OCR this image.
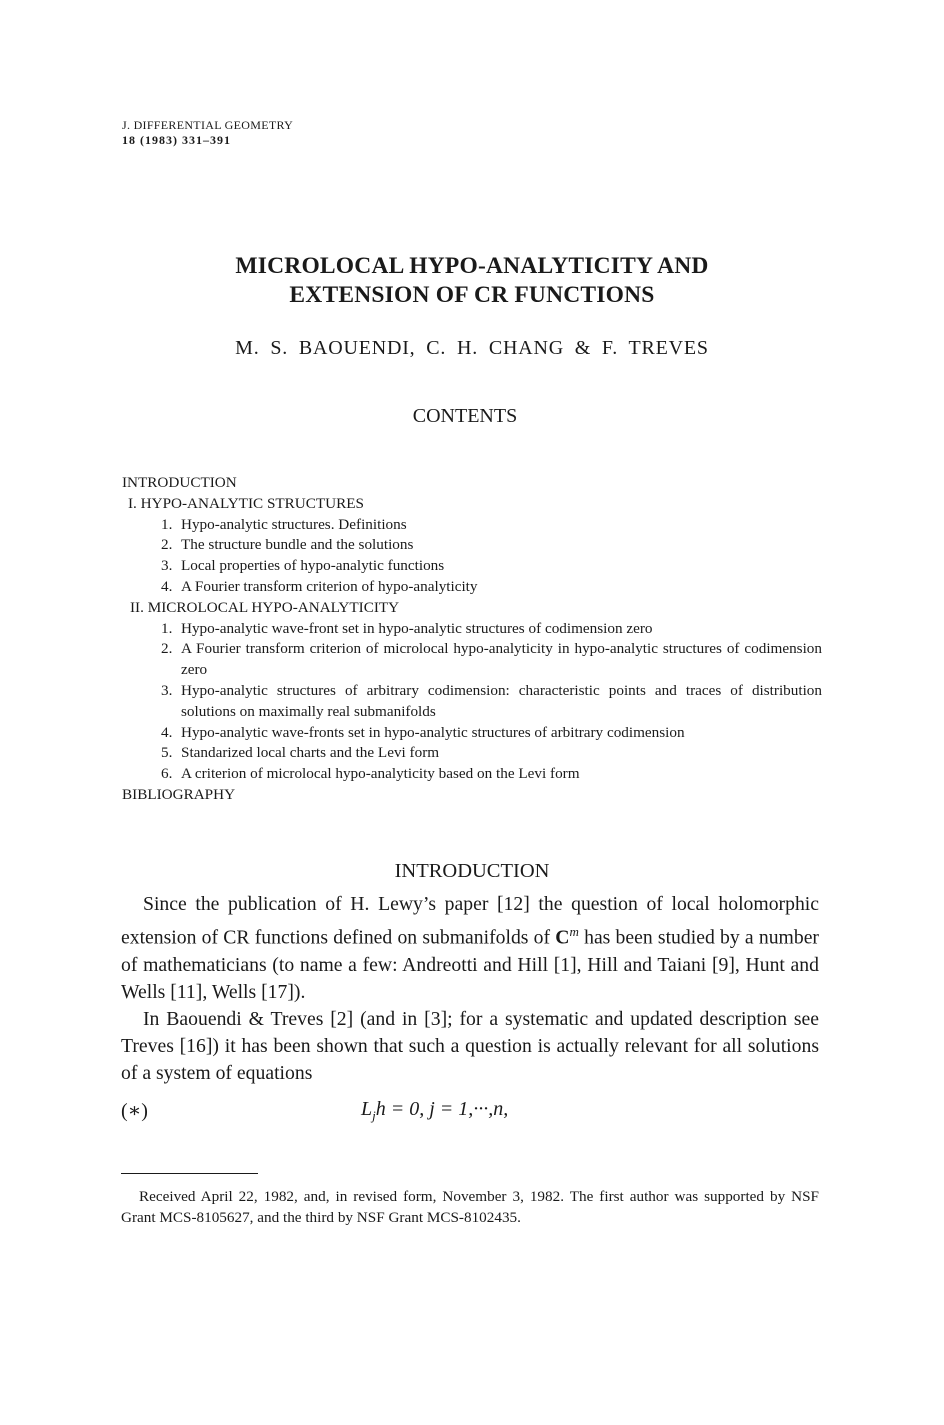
J. DIFFERENTIAL GEOMETRY
18 (1983) 331–391
MICROLOCAL HYPO-ANALYTICITY AND
EXTENSION OF CR FUNCTIONS
M. S. BAOUENDI, C. H. CHANG & F. TREVES
CONTENTS
INTRODUCTION
I. HYPO-ANALYTIC STRUCTURES
1. Hypo-analytic structures. Definitions
2. The structure bundle and the solutions
3. Local properties of hypo-analytic functions
4. A Fourier transform criterion of hypo-analyticity
II. MICROLOCAL HYPO-ANALYTICITY
1. Hypo-analytic wave-front set in hypo-analytic structures of codimension zero
2. A Fourier transform criterion of microlocal hypo-analyticity in hypo-analytic structures of codimension zero
3. Hypo-analytic structures of arbitrary codimension: characteristic points and traces of distribution solutions on maximally real submanifolds
4. Hypo-analytic wave-fronts set in hypo-analytic structures of arbitrary codimension
5. Standarized local charts and the Levi form
6. A criterion of microlocal hypo-analyticity based on the Levi form
BIBLIOGRAPHY
INTRODUCTION

Since the publication of H. Lewy’s paper [12] the question of local holomorphic extension of CR functions defined on submanifolds of $C^m$ has been studied by a number of mathematicians (to name a few: Andreotti and Hill [1], Hill and Taiani [9], Hunt and Wells [11], Wells [17]).

In Baouendi & Treves [2] (and in [3]; for a systematic and updated description see Treves [16]) it has been shown that such a question is actually relevant for all solutions of a system of equations

(∗)	$L_jh = 0$, j = 1,···,n,

Received April 22, 1982, and, in revised form, November 3, 1982. The first author was supported by NSF Grant MCS-8105627, and the third by NSF Grant MCS-8102435.
